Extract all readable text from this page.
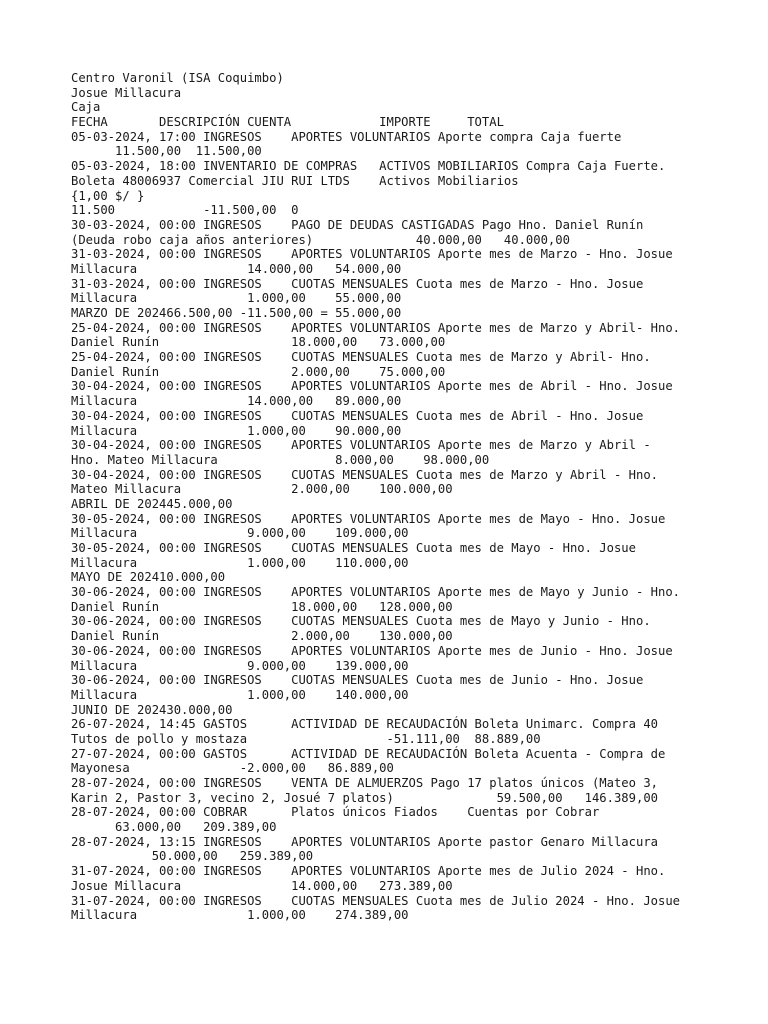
Centro Varonil (ISA Coquimbo)
Josue Millacura
Caja
FECHA       DESCRIPCIÓN CUENTA            IMPORTE     TOTAL
05-03-2024, 17:00 INGRESOS    APORTES VOLUNTARIOS Aporte compra Caja fuerte
11.500,00  11.500,00
05-03-2024, 18:00 INVENTARIO DE COMPRAS   ACTIVOS MOBILIARIOS Compra Caja Fuerte.
Boleta 48006937 Comercial JIU RUI LTDS    Activos Mobiliarios
{1,00 $/ }
11.500            -11.500,00  0
30-03-2024, 00:00 INGRESOS    PAGO DE DEUDAS CASTIGADAS Pago Hno. Daniel Runín
(Deuda robo caja años anteriores)              40.000,00   40.000,00
31-03-2024, 00:00 INGRESOS    APORTES VOLUNTARIOS Aporte mes de Marzo - Hno. Josue
Millacura               14.000,00   54.000,00
31-03-2024, 00:00 INGRESOS    CUOTAS MENSUALES Cuota mes de Marzo - Hno. Josue
Millacura               1.000,00    55.000,00
MARZO DE 202466.500,00 -11.500,00 = 55.000,00
25-04-2024, 00:00 INGRESOS    APORTES VOLUNTARIOS Aporte mes de Marzo y Abril- Hno.
Daniel Runín                  18.000,00   73.000,00
25-04-2024, 00:00 INGRESOS    CUOTAS MENSUALES Cuota mes de Marzo y Abril- Hno.
Daniel Runín                  2.000,00    75.000,00
30-04-2024, 00:00 INGRESOS    APORTES VOLUNTARIOS Aporte mes de Abril - Hno. Josue
Millacura               14.000,00   89.000,00
30-04-2024, 00:00 INGRESOS    CUOTAS MENSUALES Cuota mes de Abril - Hno. Josue
Millacura               1.000,00    90.000,00
30-04-2024, 00:00 INGRESOS    APORTES VOLUNTARIOS Aporte mes de Marzo y Abril -
Hno. Mateo Millacura                8.000,00    98.000,00
30-04-2024, 00:00 INGRESOS    CUOTAS MENSUALES Cuota mes de Marzo y Abril - Hno.
Mateo Millacura               2.000,00    100.000,00
ABRIL DE 202445.000,00
30-05-2024, 00:00 INGRESOS    APORTES VOLUNTARIOS Aporte mes de Mayo - Hno. Josue
Millacura               9.000,00    109.000,00
30-05-2024, 00:00 INGRESOS    CUOTAS MENSUALES Cuota mes de Mayo - Hno. Josue
Millacura               1.000,00    110.000,00
MAYO DE 202410.000,00
30-06-2024, 00:00 INGRESOS    APORTES VOLUNTARIOS Aporte mes de Mayo y Junio - Hno.
Daniel Runín                  18.000,00   128.000,00
30-06-2024, 00:00 INGRESOS    CUOTAS MENSUALES Cuota mes de Mayo y Junio - Hno.
Daniel Runín                  2.000,00    130.000,00
30-06-2024, 00:00 INGRESOS    APORTES VOLUNTARIOS Aporte mes de Junio - Hno. Josue
Millacura               9.000,00    139.000,00
30-06-2024, 00:00 INGRESOS    CUOTAS MENSUALES Cuota mes de Junio - Hno. Josue
Millacura               1.000,00    140.000,00
JUNIO DE 202430.000,00
26-07-2024, 14:45 GASTOS      ACTIVIDAD DE RECAUDACIÓN Boleta Unimarc. Compra 40
Tutos de pollo y mostaza                   -51.111,00  88.889,00
27-07-2024, 00:00 GASTOS      ACTIVIDAD DE RECAUDACIÓN Boleta Acuenta - Compra de
Mayonesa               -2.000,00   86.889,00
28-07-2024, 00:00 INGRESOS    VENTA DE ALMUERZOS Pago 17 platos únicos (Mateo 3,
Karin 2, Pastor 3, vecino 2, Josué 7 platos)              59.500,00   146.389,00
28-07-2024, 00:00 COBRAR      Platos únicos Fiados    Cuentas por Cobrar
63.000,00   209.389,00
28-07-2024, 13:15 INGRESOS    APORTES VOLUNTARIOS Aporte pastor Genaro Millacura
50.000,00   259.389,00
31-07-2024, 00:00 INGRESOS    APORTES VOLUNTARIOS Aporte mes de Julio 2024 - Hno.
Josue Millacura               14.000,00   273.389,00
31-07-2024, 00:00 INGRESOS    CUOTAS MENSUALES Cuota mes de Julio 2024 - Hno. Josue
Millacura               1.000,00    274.389,00
